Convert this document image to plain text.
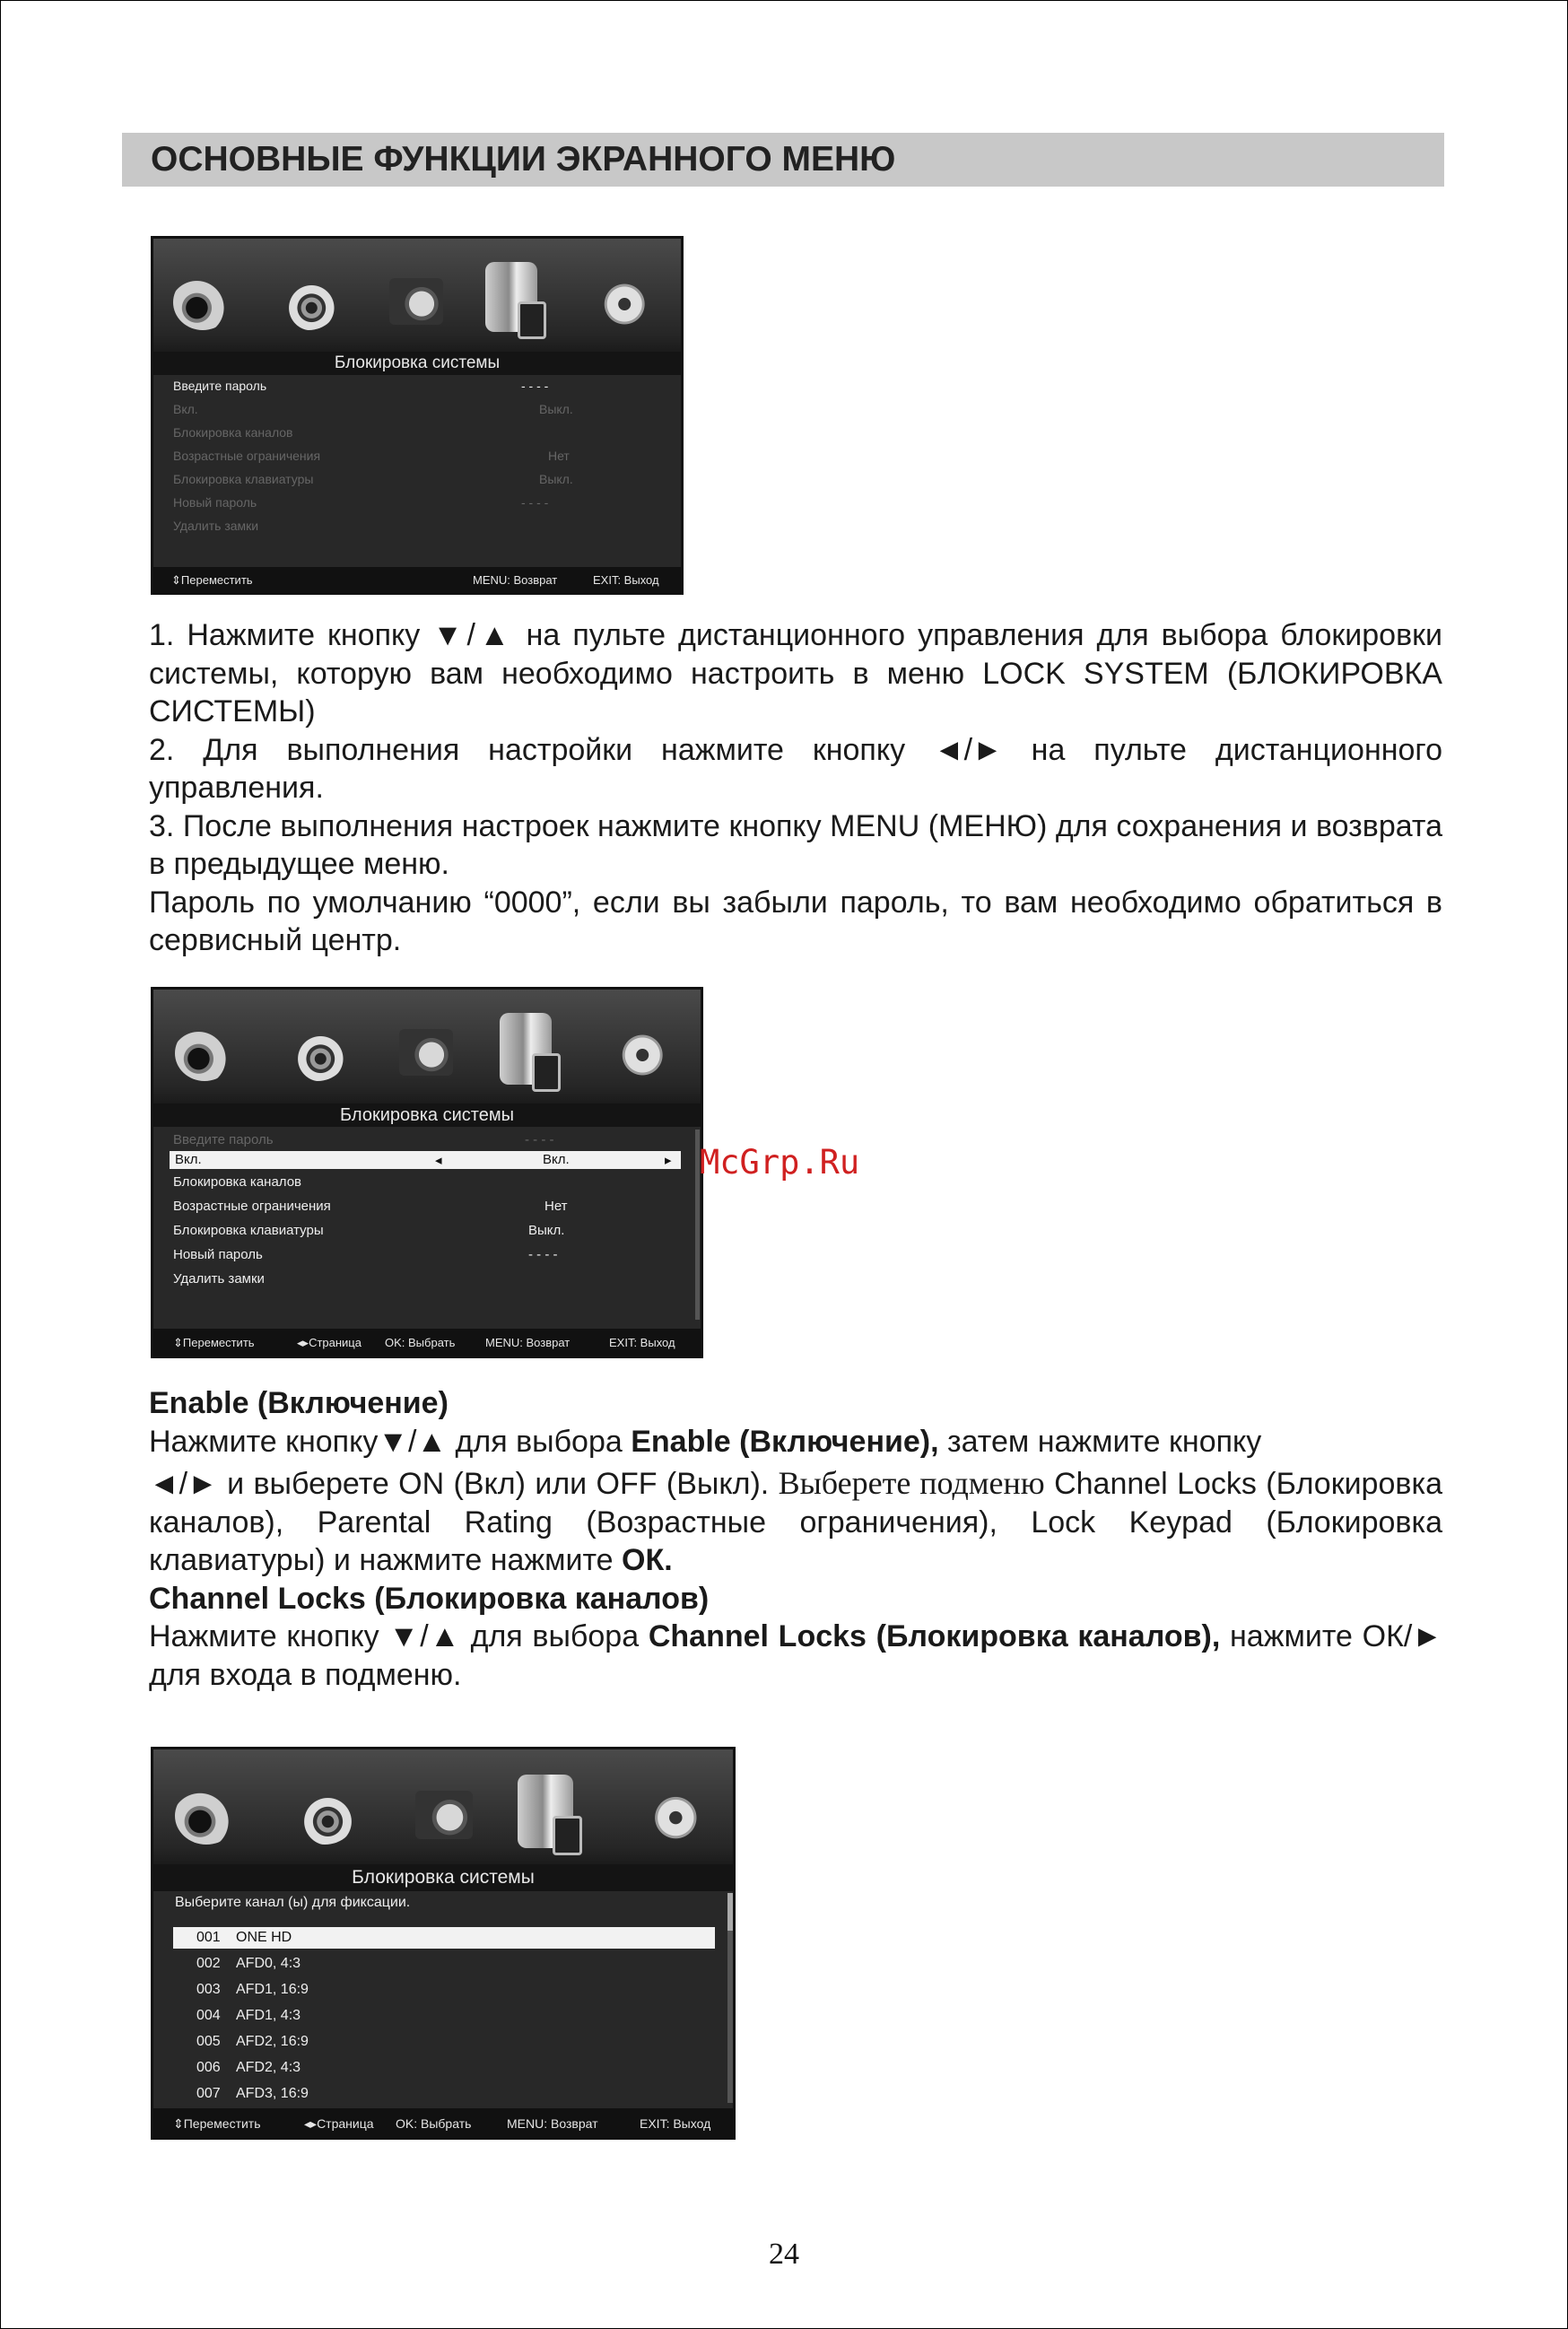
ОСНОВНЫЕ ФУНКЦИИ ЭКРАННОГО МЕНЮ
Блокировка системы
Введите пароль	- - - -
Вкл.	Выкл.
Блокировка каналов
Возрастные ограничения	Нет
Блокировка клавиатуры	Выкл.
Новый пароль	- - - -
Удалить замки
⇕ Переместить	MENU: Возврат	EXIT: Выход

1. Нажмите кнопку ▼/▲ на пульте дистанционного управления для выбора блокировки системы, которую вам необходимо настроить в меню LOCK SYSTEM (БЛОКИРОВКА СИСТЕМЫ)

2. Для выполнения настройки нажмите кнопку ◄/► на пульте дистанционного управления.

3. После выполнения настроек нажмите кнопку MENU (МЕНЮ) для сохранения и возврата в предыдущее меню.

Пароль по умолчанию “0000”, если вы забыли пароль, то вам необходимо обратиться в сервисный центр.

Блокировка системы
Введите пароль	- - - -
Вкл.	◂	Вкл.	▸
Блокировка каналов
Возрастные ограничения	Нет
Блокировка клавиатуры	Выкл.
Новый пароль	- - - -
Удалить замки
⇕ Переместить	◂▸ Страница OK: Выбрать	MENU: Возврат	EXIT: Выход
McGrp.Ru

Enable (Включение)

Нажмите кнопку▼/▲ для выбора Enable (Включение), затем нажмите кнопку

◄/► и выберете ON (Вкл) или OFF (Выкл). Выберете подменю Channel Locks (Блокировка каналов), Parental Rating (Возрастные ограничения), Lock Keypad (Блокировка клавиатуры) и нажмите нажмите ОК.

Channel Locks (Блокировка каналов)

Нажмите кнопку ▼/▲ для выбора Channel Locks (Блокировка каналов), нажмите ОК/► для входа в подменю.

Блокировка системы
Выберите канал (ы) для фиксации.
001 ONE HD
002 AFD0, 4:3
003 AFD1, 16:9
004 AFD1, 4:3
005 AFD2, 16:9
006 AFD2, 4:3
007 AFD3, 16:9
⇕ Переместить	◂▸ Страница OK: Выбрать	MENU: Возврат	EXIT: Выход
24
